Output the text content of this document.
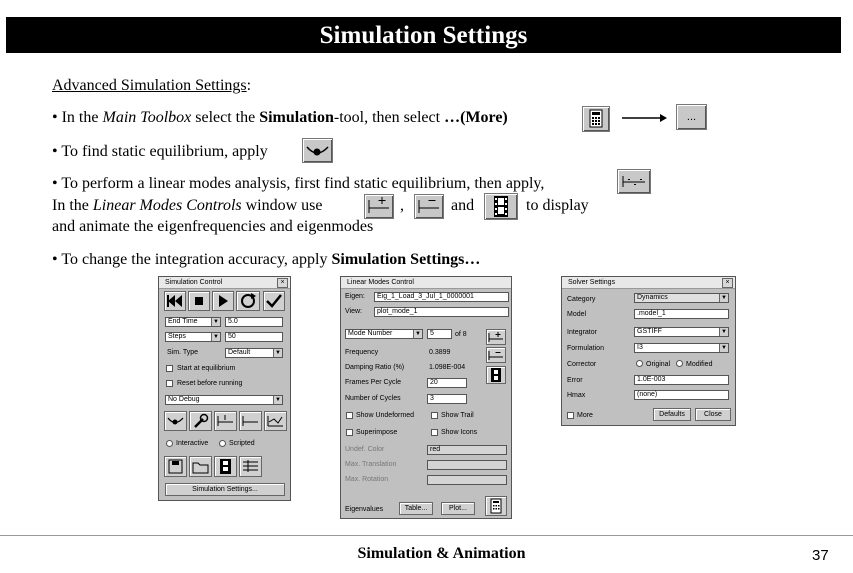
Simulation Settings
Advanced Simulation Settings:
• In the Main Toolbox select the Simulation-tool, then select …(More)	...
• To find static equilibrium, apply
• To perform a linear modes analysis, first find static equilibrium, then apply,
In the Linear Modes Controls window use	,	and	to display
and animate the eigenfrequencies and eigenmodes
• To change the integration accuracy, apply Simulation Settings…
Simulation Control	×
End Time	▼	5.0
Steps	▼	50
Sim. Type	Default	▼
Start at equilibrium
Reset before running
No Debug	▼
Interactive	Scripted
Simulation Settings...
Linear Modes Control
Eigen:	Eig_1_Load_3_Jul_1_0000001
View:	plot_mode_1
Mode Number	▼	5	of 8
Frequency	0.3899
Damping Ratio (%)	1.098E-004
Frames Per Cycle	20
Number of Cycles	3
Show Undeformed	Show Trail
Superimpose	Show Icons
Undef. Color	red
Max. Translation
Max. Rotation
Eigenvalues	Table...	Plot...
Solver Settings	×
Category	Dynamics	▼
Model	.model_1
Integrator	GSTIFF	▼
Formulation	I3	▼
Corrector	Original Modified
Error	1.0E-003
Hmax	(none)
More	Defaults	Close
Simulation & Animation	37
